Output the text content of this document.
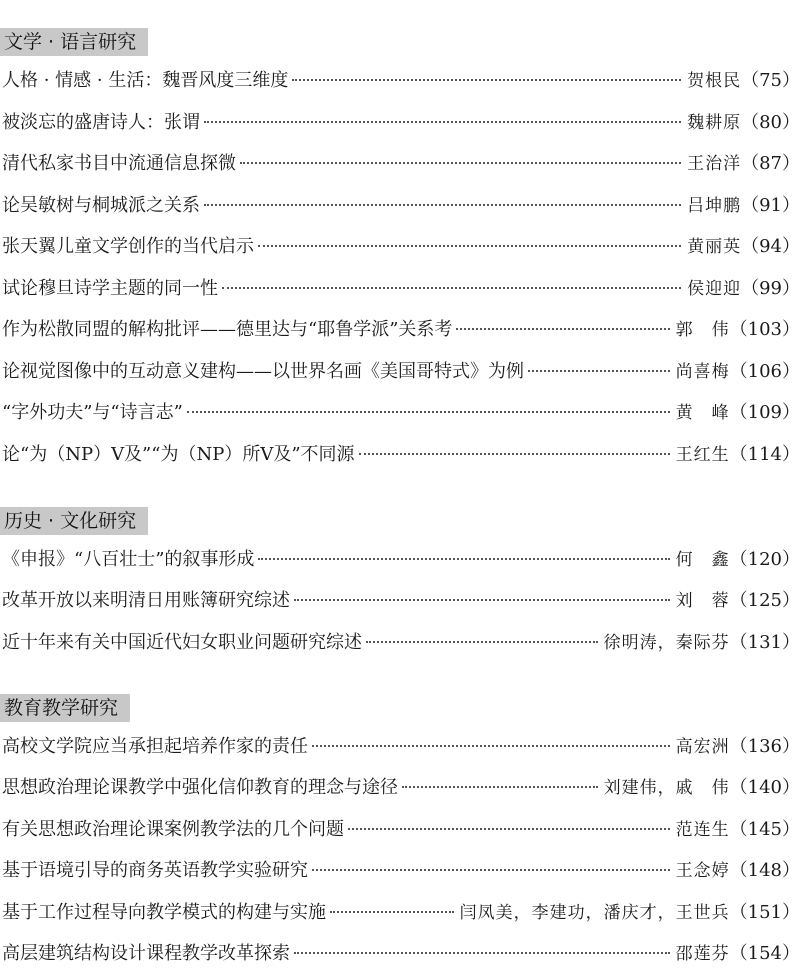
文学 · 语言研究
人格 · 情感 · 生活：魏晋风度三维度	贺根民 （75）
被淡忘的盛唐诗人：张谓	魏耕原 （80）
清代私家书目中流通信息探微	王治洋 （87）
论吴敏树与桐城派之关系	吕坤鹏 （91）
张天翼儿童文学创作的当代启示	黄丽英 （94）
试论穆旦诗学主题的同一性	侯迎迎 （99）
作为松散同盟的解构批评——德里达与“耶鲁学派”关系考	郭　伟 （103）
论视觉图像中的互动意义建构——以世界名画《美国哥特式》为例	尚喜梅 （106）
“字外功夫”与“诗言志”	黄　峰 （109）
论“为（NP）V及”“为（NP）所V及”不同源	王红生 （114）
历史 · 文化研究
《申报》“八百壮士”的叙事形成	何　鑫 （120）
改革开放以来明清日用账簿研究综述	刘　蓉 （125）
近十年来有关中国近代妇女职业问题研究综述	徐明涛，秦际芬 （131）
教育教学研究
高校文学院应当承担起培养作家的责任	高宏洲 （136）
思想政治理论课教学中强化信仰教育的理念与途径	刘建伟，戚　伟 （140）
有关思想政治理论课案例教学法的几个问题	范连生 （145）
基于语境引导的商务英语教学实验研究	王念婷 （148）
基于工作过程导向教学模式的构建与实施	闫凤美，李建功，潘庆才，王世兵 （151）
高层建筑结构设计课程教学改革探索	邵莲芬 （154）
